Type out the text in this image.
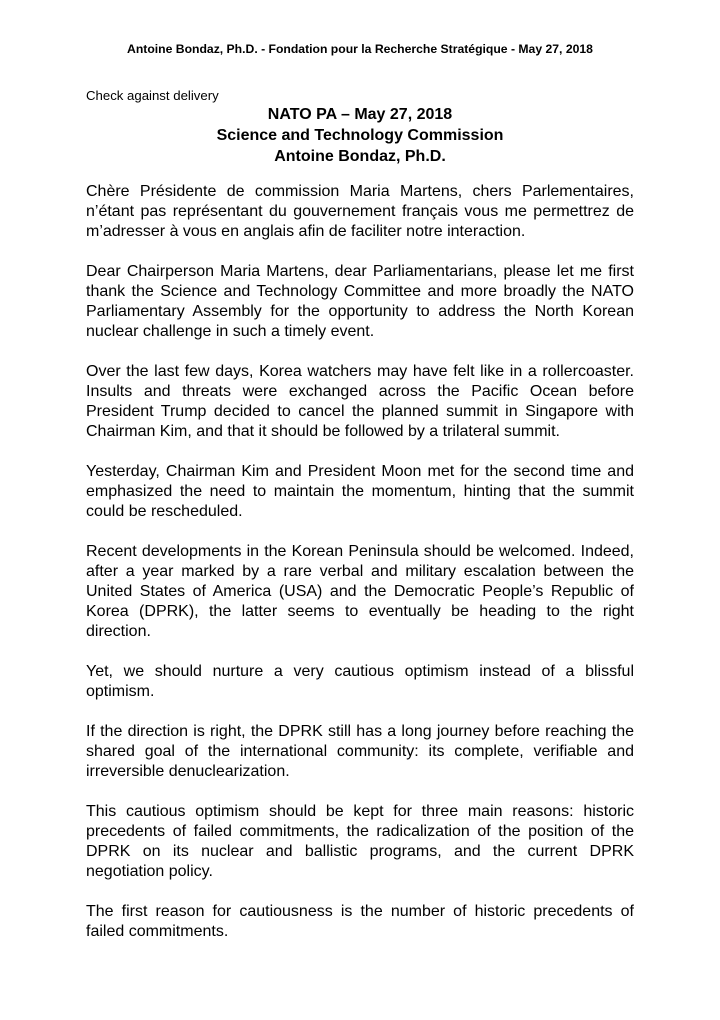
Antoine Bondaz, Ph.D. - Fondation pour la Recherche Stratégique - May 27, 2018
Check against delivery
NATO PA – May 27, 2018
Science and Technology Commission
Antoine Bondaz, Ph.D.

Chère Présidente de commission Maria Martens, chers Parlementaires, n’étant pas représentant du gouvernement français vous me permettrez de m’adresser à vous en anglais afin de faciliter notre interaction.

Dear Chairperson Maria Martens, dear Parliamentarians, please let me first thank the Science and Technology Committee and more broadly the NATO Parliamentary Assembly for the opportunity to address the North Korean nuclear challenge in such a timely event.

Over the last few days, Korea watchers may have felt like in a rollercoaster. Insults and threats were exchanged across the Pacific Ocean before President Trump decided to cancel the planned summit in Singapore with Chairman Kim, and that it should be followed by a trilateral summit.

Yesterday, Chairman Kim and President Moon met for the second time and emphasized the need to maintain the momentum, hinting that the summit could be rescheduled.

Recent developments in the Korean Peninsula should be welcomed. Indeed, after a year marked by a rare verbal and military escalation between the United States of America (USA) and the Democratic People’s Republic of Korea (DPRK), the latter seems to eventually be heading to the right direction.

Yet, we should nurture a very cautious optimism instead of a blissful optimism.

If the direction is right, the DPRK still has a long journey before reaching the shared goal of the international community: its complete, verifiable and irreversible denuclearization.

This cautious optimism should be kept for three main reasons: historic precedents of failed commitments, the radicalization of the position of the DPRK on its nuclear and ballistic programs, and the current DPRK negotiation policy.

The first reason for cautiousness is the number of historic precedents of failed commitments.
